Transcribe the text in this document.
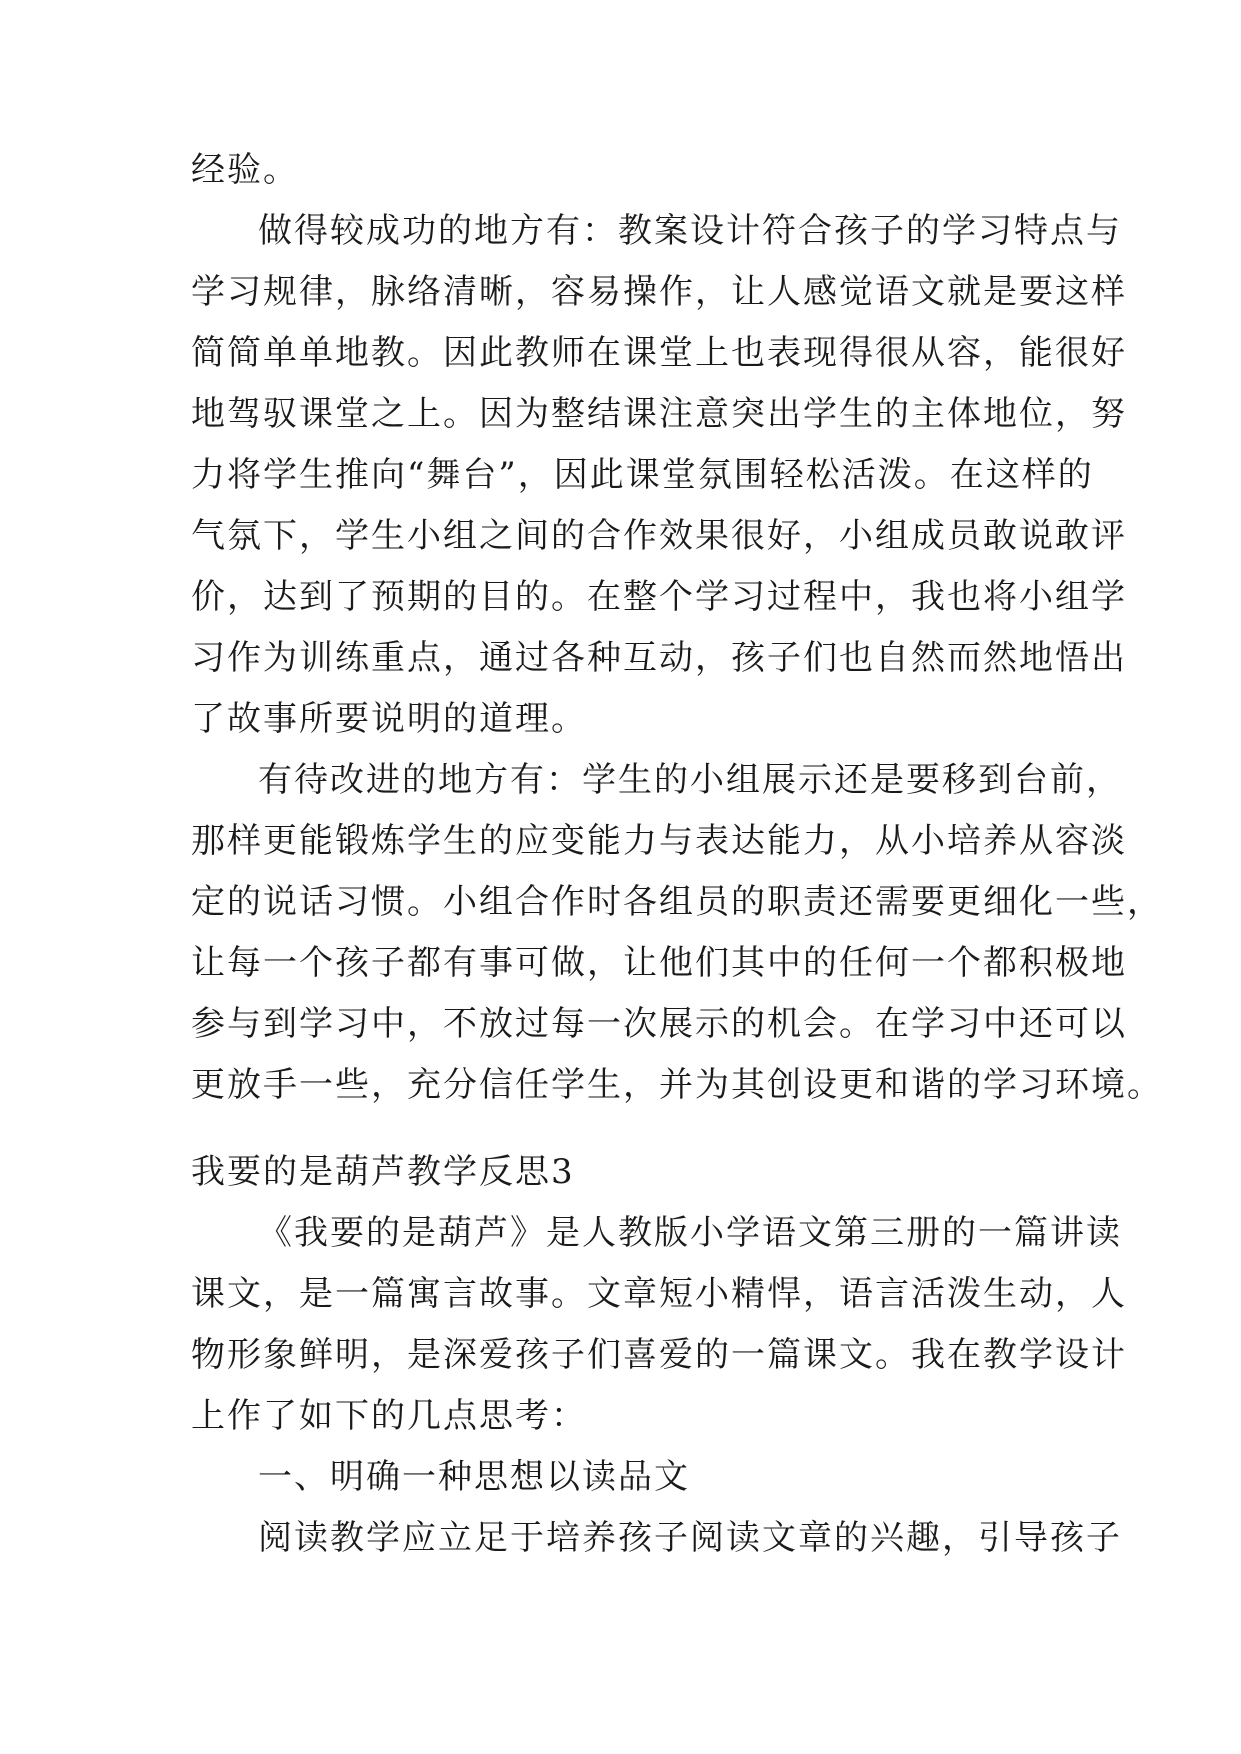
经验。
做得较成功的地方有：教案设计符合孩子的学习特点与
学习规律，脉络清晰，容易操作，让人感觉语文就是要这样
简简单单地教。因此教师在课堂上也表现得很从容，能很好
地驾驭课堂之上。因为整结课注意突出学生的主体地位，努
力将学生推向“舞台”，因此课堂氛围轻松活泼。在这样的
气氛下，学生小组之间的合作效果很好，小组成员敢说敢评
价，达到了预期的目的。在整个学习过程中，我也将小组学
习作为训练重点，通过各种互动，孩子们也自然而然地悟出
了故事所要说明的道理。
有待改进的地方有：学生的小组展示还是要移到台前，
那样更能锻炼学生的应变能力与表达能力，从小培养从容淡
定的说话习惯。小组合作时各组员的职责还需要更细化一些，
让每一个孩子都有事可做，让他们其中的任何一个都积极地
参与到学习中，不放过每一次展示的机会。在学习中还可以
更放手一些，充分信任学生，并为其创设更和谐的学习环境。
我要的是葫芦教学反思3
《我要的是葫芦》是人教版小学语文第三册的一篇讲读
课文，是一篇寓言故事。文章短小精悍，语言活泼生动，人
物形象鲜明，是深爱孩子们喜爱的一篇课文。我在教学设计
上作了如下的几点思考：
一、明确一种思想以读品文
阅读教学应立足于培养孩子阅读文章的兴趣，引导孩子
